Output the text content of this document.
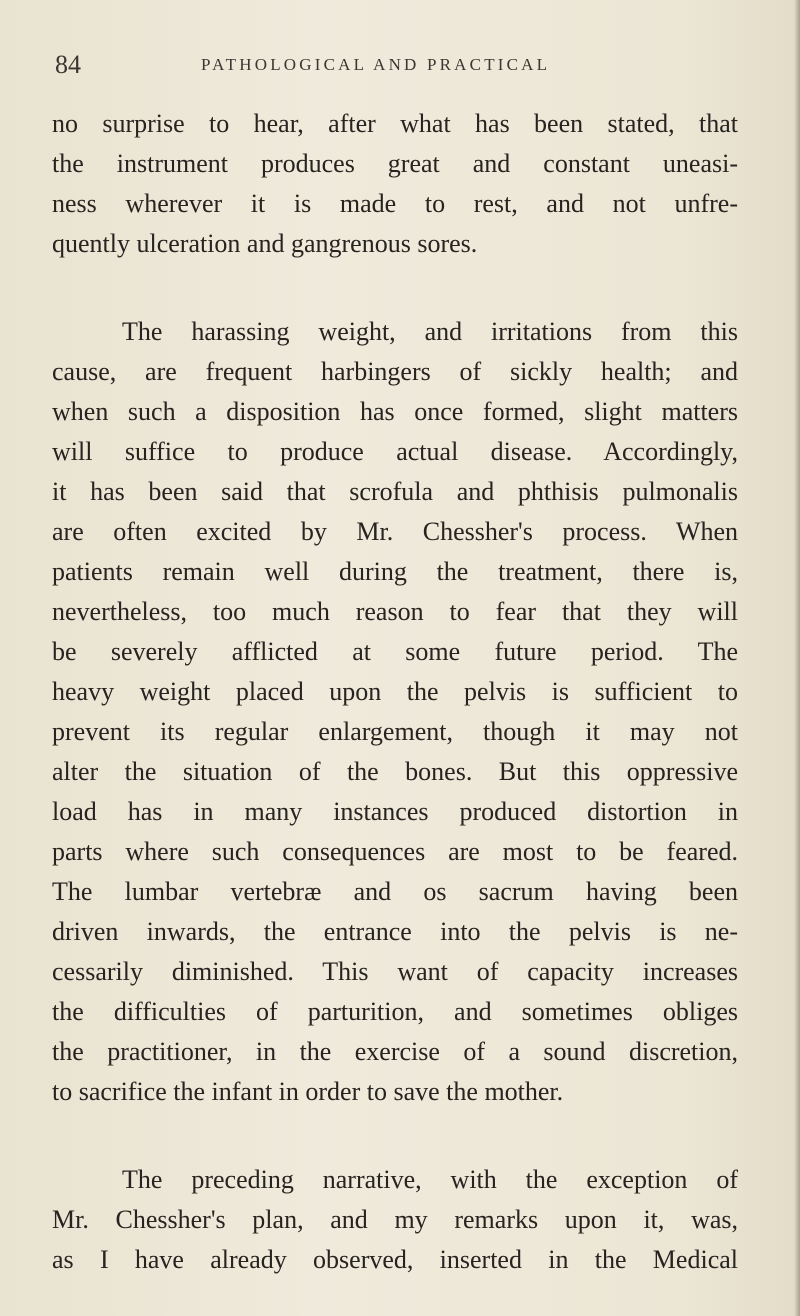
84	PATHOLOGICAL AND PRACTICAL
no surprise to hear, after what has been stated, that
the instrument produces great and constant uneasi-
ness wherever it is made to rest, and not unfre-
quently ulceration and gangrenous sores.
The harassing weight, and irritations from this
cause, are frequent harbingers of sickly health; and
when such a disposition has once formed, slight matters
will suffice to produce actual disease. Accordingly,
it has been said that scrofula and phthisis pulmonalis
are often excited by Mr. Chessher's process. When
patients remain well during the treatment, there is,
nevertheless, too much reason to fear that they will
be severely afflicted at some future period. The
heavy weight placed upon the pelvis is sufficient to
prevent its regular enlargement, though it may not
alter the situation of the bones. But this oppressive
load has in many instances produced distortion in
parts where such consequences are most to be feared.
The lumbar vertebræ and os sacrum having been
driven inwards, the entrance into the pelvis is ne-
cessarily diminished. This want of capacity increases
the difficulties of parturition, and sometimes obliges
the practitioner, in the exercise of a sound discretion,
to sacrifice the infant in order to save the mother.
The preceding narrative, with the exception of
Mr. Chessher's plan, and my remarks upon it, was,
as I have already observed, inserted in the Medical
